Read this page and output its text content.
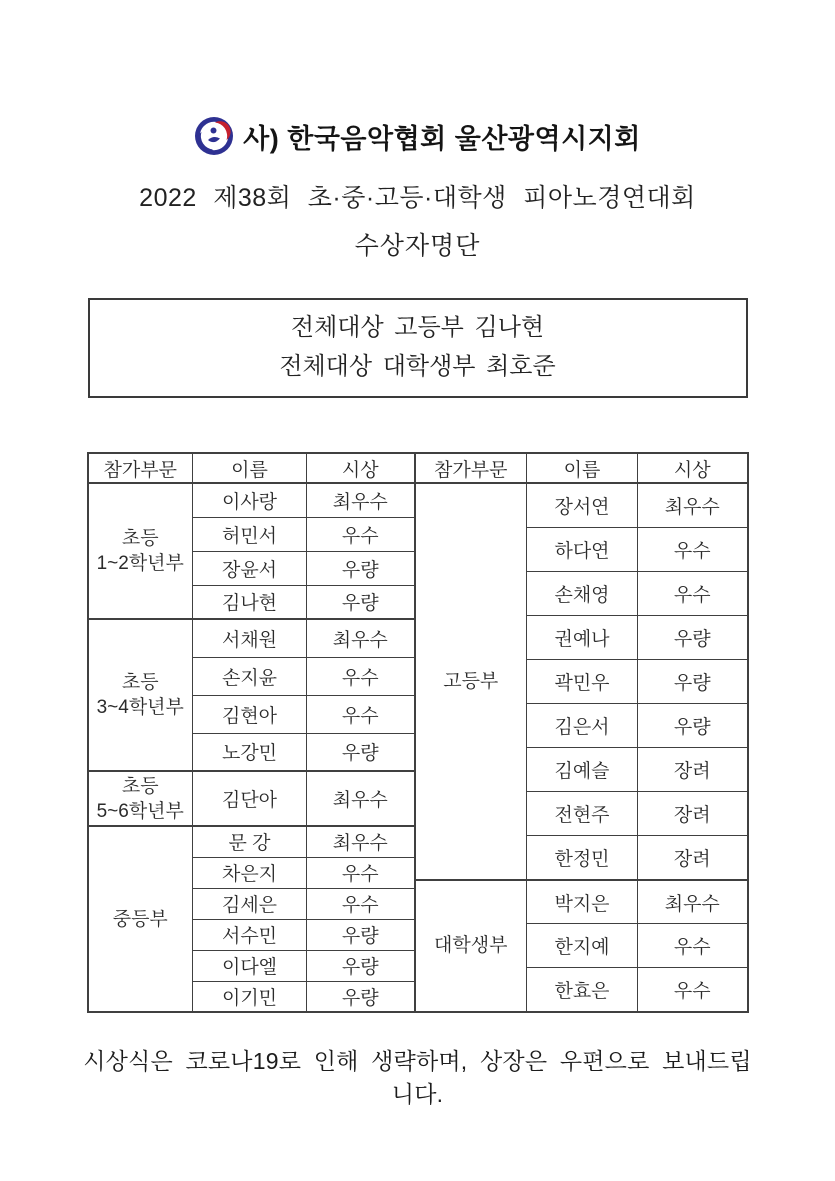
사) 한국음악협회 울산광역시지회
2022 제38회 초·중·고등·대학생 피아노경연대회
수상자명단
전체대상 고등부 김나현
전체대상 대학생부 최호준
참가부문	이름	시상

초등
1~2학년부	이사랑	최우수
	허민서	우수
	장윤서	우량
	김나현	우량

초등
3~4학년부	서채원	최우수
	손지윤	우수
	김현아	우수
	노강민	우량

초등
5~6학년부	김단아	최우수

중등부	문 강	최우수
	차은지	우수
	김세은	우수
	서수민	우량
	이다엘	우량
	이기민	우량
참가부문	이름	시상

고등부	장서연	최우수
	하다연	우수
	손채영	우수
	권예나	우량
	곽민우	우량
	김은서	우량
	김예슬	장려
	전현주	장려
	한정민	장려

대학생부	박지은	최우수
	한지예	우수
	한효은	우수

시상식은 코로나19로 인해 생략하며, 상장은 우편으로 보내드립니다.
